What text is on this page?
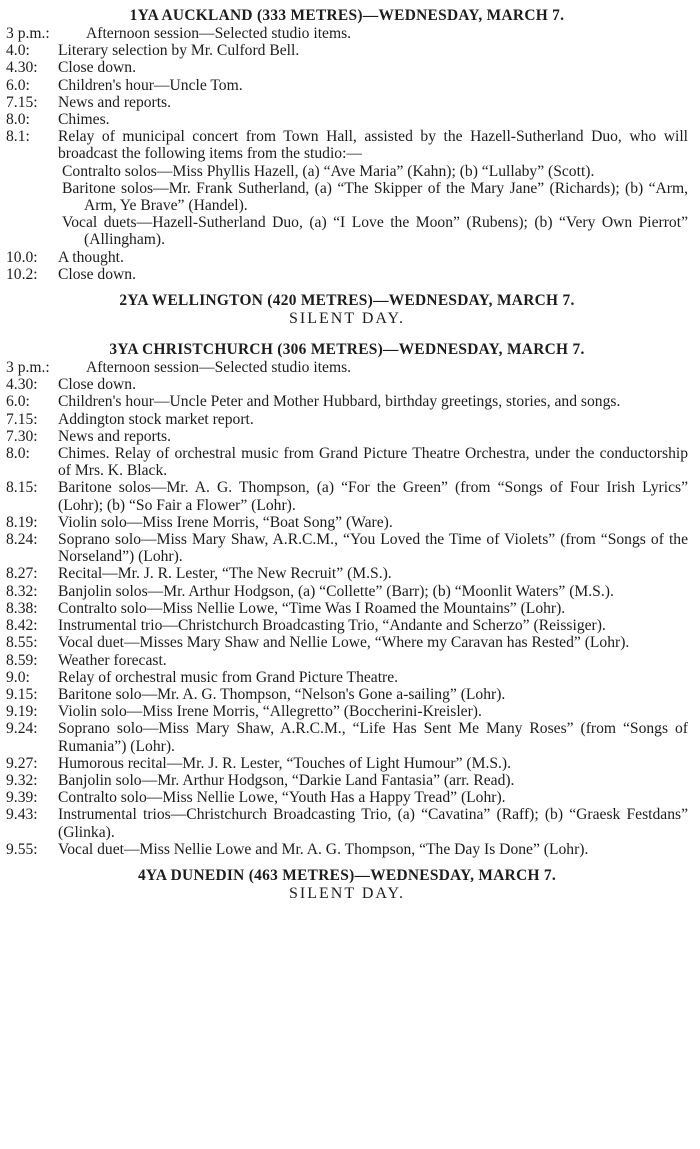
1YA AUCKLAND (333 METRES)—WEDNESDAY, MARCH 7.
3 p.m.: Afternoon session—Selected studio items.
4.0: Literary selection by Mr. Culford Bell.
4.30: Close down.
6.0: Children's hour—Uncle Tom.
7.15: News and reports.
8.0: Chimes.
8.1: Relay of municipal concert from Town Hall, assisted by the Hazell-Sutherland Duo, who will broadcast the following items from the studio:—
Contralto solos—Miss Phyllis Hazell, (a) “Ave Maria” (Kahn); (b) “Lullaby” (Scott).
Baritone solos—Mr. Frank Sutherland, (a) “The Skipper of the Mary Jane” (Richards); (b) “Arm, Arm, Ye Brave” (Handel).
Vocal duets—Hazell-Sutherland Duo, (a) “I Love the Moon” (Rubens); (b) “Very Own Pierrot” (Allingham).
10.0: A thought.
10.2: Close down.
2YA WELLINGTON (420 METRES)—WEDNESDAY, MARCH 7.

SILENT DAY.

3YA CHRISTCHURCH (306 METRES)—WEDNESDAY, MARCH 7.
3 p.m.: Afternoon session—Selected studio items.
4.30: Close down.
6.0: Children's hour—Uncle Peter and Mother Hubbard, birthday greetings, stories, and songs.
7.15: Addington stock market report.
7.30: News and reports.
8.0: Chimes. Relay of orchestral music from Grand Picture Theatre Orchestra, under the conductorship of Mrs. K. Black.
8.15: Baritone solos—Mr. A. G. Thompson, (a) “For the Green” (from “Songs of Four Irish Lyrics” (Lohr); (b) “So Fair a Flower” (Lohr).
8.19: Violin solo—Miss Irene Morris, “Boat Song” (Ware).
8.24: Soprano solo—Miss Mary Shaw, A.R.C.M., “You Loved the Time of Violets” (from “Songs of the Norseland”) (Lohr).
8.27: Recital—Mr. J. R. Lester, “The New Recruit” (M.S.).
8.32: Banjolin solos—Mr. Arthur Hodgson, (a) “Collette” (Barr); (b) “Moonlit Waters” (M.S.).
8.38: Contralto solo—Miss Nellie Lowe, “Time Was I Roamed the Mountains” (Lohr).
8.42: Instrumental trio—Christchurch Broadcasting Trio, “Andante and Scherzo” (Reissiger).
8.55: Vocal duet—Misses Mary Shaw and Nellie Lowe, “Where my Caravan has Rested” (Lohr).
8.59: Weather forecast.
9.0: Relay of orchestral music from Grand Picture Theatre.
9.15: Baritone solo—Mr. A. G. Thompson, “Nelson's Gone a-sailing” (Lohr).
9.19: Violin solo—Miss Irene Morris, “Allegretto” (Boccherini-Kreisler).
9.24: Soprano solo—Miss Mary Shaw, A.R.C.M., “Life Has Sent Me Many Roses” (from “Songs of Rumania”) (Lohr).
9.27: Humorous recital—Mr. J. R. Lester, “Touches of Light Humour” (M.S.).
9.32: Banjolin solo—Mr. Arthur Hodgson, “Darkie Land Fantasia” (arr. Read).
9.39: Contralto solo—Miss Nellie Lowe, “Youth Has a Happy Tread” (Lohr).
9.43: Instrumental trios—Christchurch Broadcasting Trio, (a) “Cavatina” (Raff); (b) “Graesk Festdans” (Glinka).
9.55: Vocal duet—Miss Nellie Lowe and Mr. A. G. Thompson, “The Day Is Done” (Lohr).
4YA DUNEDIN (463 METRES)—WEDNESDAY, MARCH 7.

SILENT DAY.
